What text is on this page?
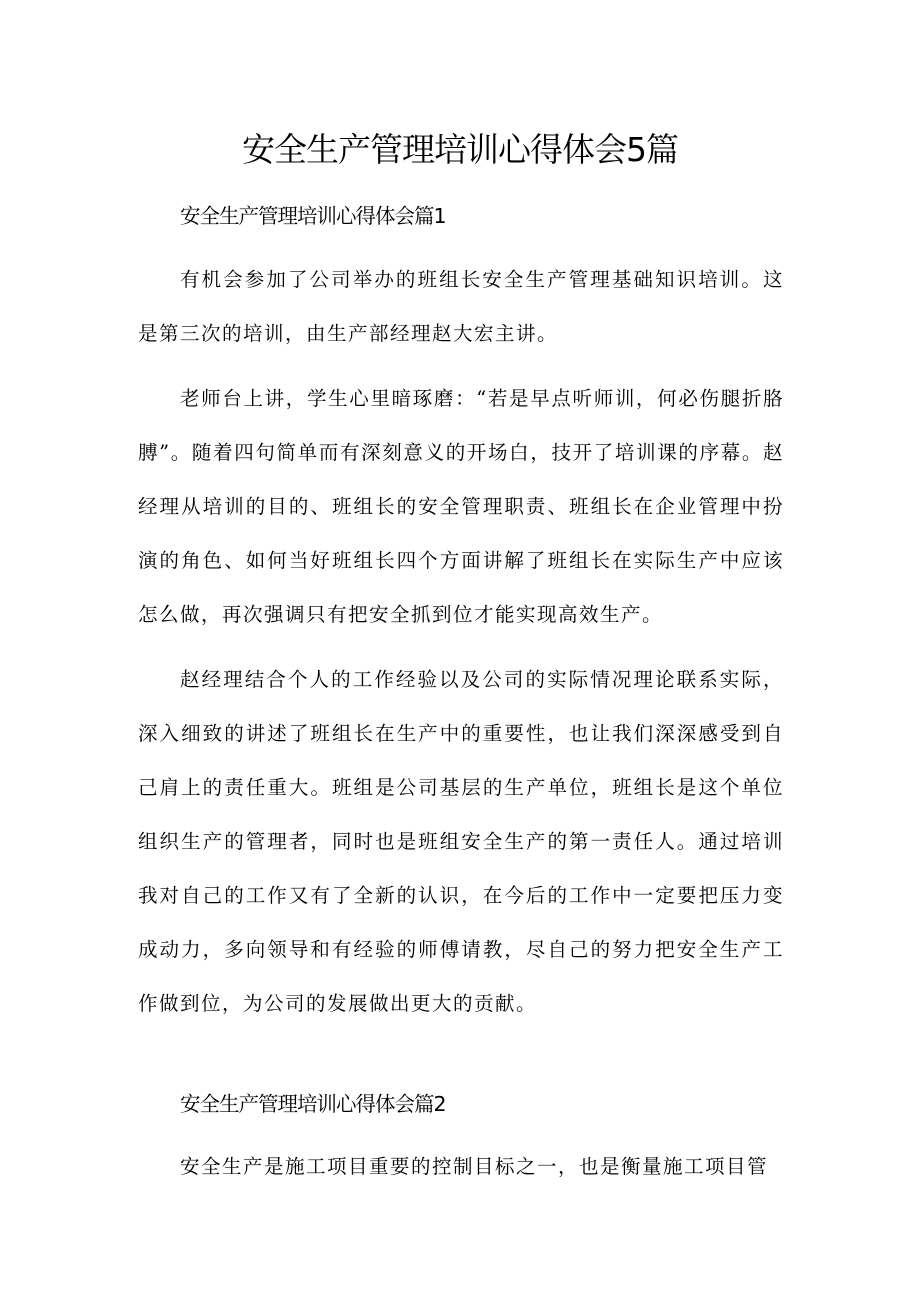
安全生产管理培训心得体会5篇
安全生产管理培训心得体会篇1

有机会参加了公司举办的班组长安全生产管理基础知识培训。这是第三次的培训，由生产部经理赵大宏主讲。

老师台上讲，学生心里暗琢磨：“若是早点听师训，何必伤腿折胳膊”。随着四句简单而有深刻意义的开场白，技开了培训课的序幕。赵经理从培训的目的、班组长的安全管理职责、班组长在企业管理中扮演的角色、如何当好班组长四个方面讲解了班组长在实际生产中应该怎么做，再次强调只有把安全抓到位才能实现高效生产。

赵经理结合个人的工作经验以及公司的实际情况理论联系实际，深入细致的讲述了班组长在生产中的重要性，也让我们深深感受到自己肩上的责任重大。班组是公司基层的生产单位，班组长是这个单位组织生产的管理者，同时也是班组安全生产的第一责任人。通过培训我对自己的工作又有了全新的认识，在今后的工作中一定要把压力变成动力，多向领导和有经验的师傅请教，尽自己的努力把安全生产工作做到位，为公司的发展做出更大的贡献。

安全生产管理培训心得体会篇2

安全生产是施工项目重要的控制目标之一，也是衡量施工项目管
